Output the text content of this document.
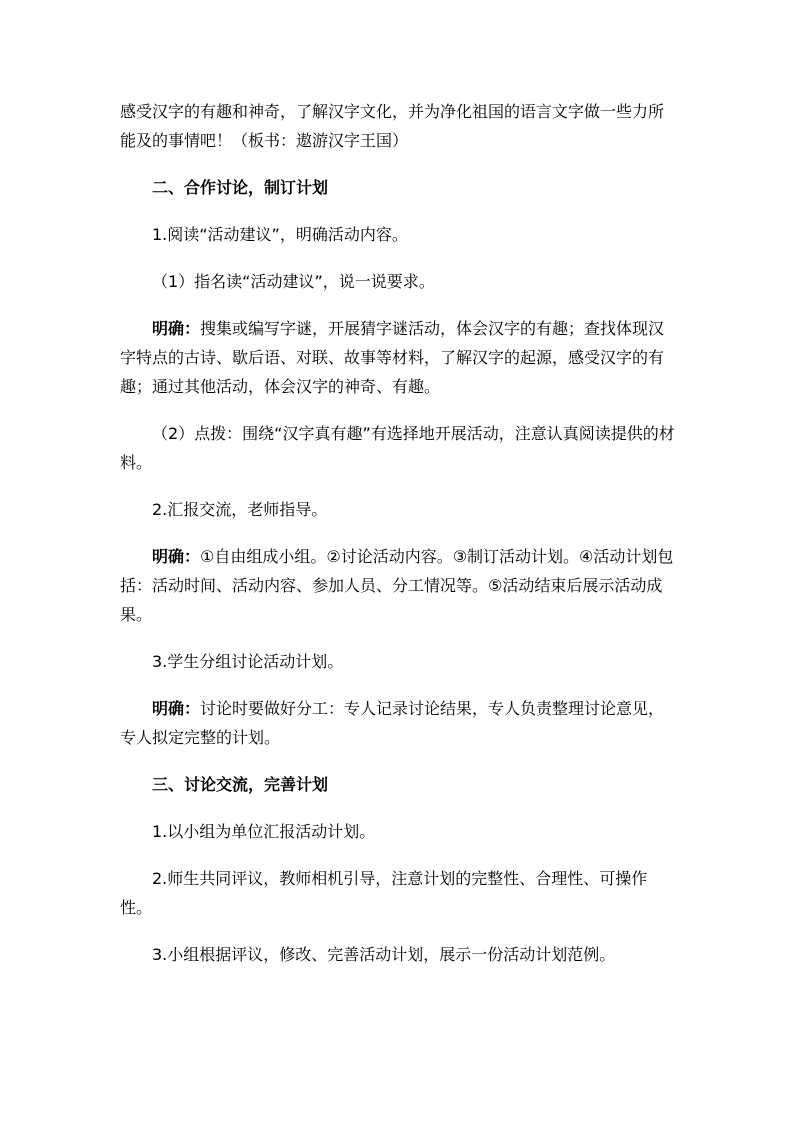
感受汉字的有趣和神奇，了解汉字文化，并为净化祖国的语言文字做一些力所能及的事情吧！（板书：遨游汉字王国）

二、合作讨论，制订计划

1.阅读“活动建议”，明确活动内容。

（1）指名读“活动建议”，说一说要求。

明确：搜集或编写字谜，开展猜字谜活动，体会汉字的有趣；查找体现汉字特点的古诗、歇后语、对联、故事等材料，了解汉字的起源，感受汉字的有趣；通过其他活动，体会汉字的神奇、有趣。

（2）点拨：围绕“汉字真有趣”有选择地开展活动，注意认真阅读提供的材料。

2.汇报交流，老师指导。

明确：①自由组成小组。②讨论活动内容。③制订活动计划。④活动计划包括：活动时间、活动内容、参加人员、分工情况等。⑤活动结束后展示活动成果。

3.学生分组讨论活动计划。

明确：讨论时要做好分工：专人记录讨论结果，专人负责整理讨论意见，专人拟定完整的计划。

三、讨论交流，完善计划

1.以小组为单位汇报活动计划。

2.师生共同评议，教师相机引导，注意计划的完整性、合理性、可操作性。

3.小组根据评议，修改、完善活动计划，展示一份活动计划范例。
